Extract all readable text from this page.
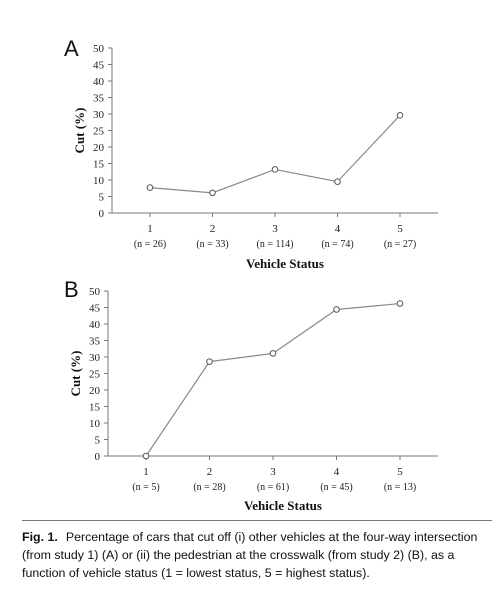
A
0
5
10
15
20
25
30
35
40
45
50
1
(n = 26)
2
(n = 33)
3
(n = 114)
4
(n = 74)
5
(n = 27)
Vehicle Status
Cut (%)
B
0
5
10
15
20
25
30
35
40
45
50
1
(n = 5)
2
(n = 28)
3
(n = 61)
4
(n = 45)
5
(n = 13)
Vehicle Status
Cut (%)
Fig. 1. Percentage of cars that cut off (i) other vehicles at the four-way intersection (from study 1) (A) or (ii) the pedestrian at the crosswalk (from study 2) (B), as a function of vehicle status (1 = lowest status, 5 = highest status).
